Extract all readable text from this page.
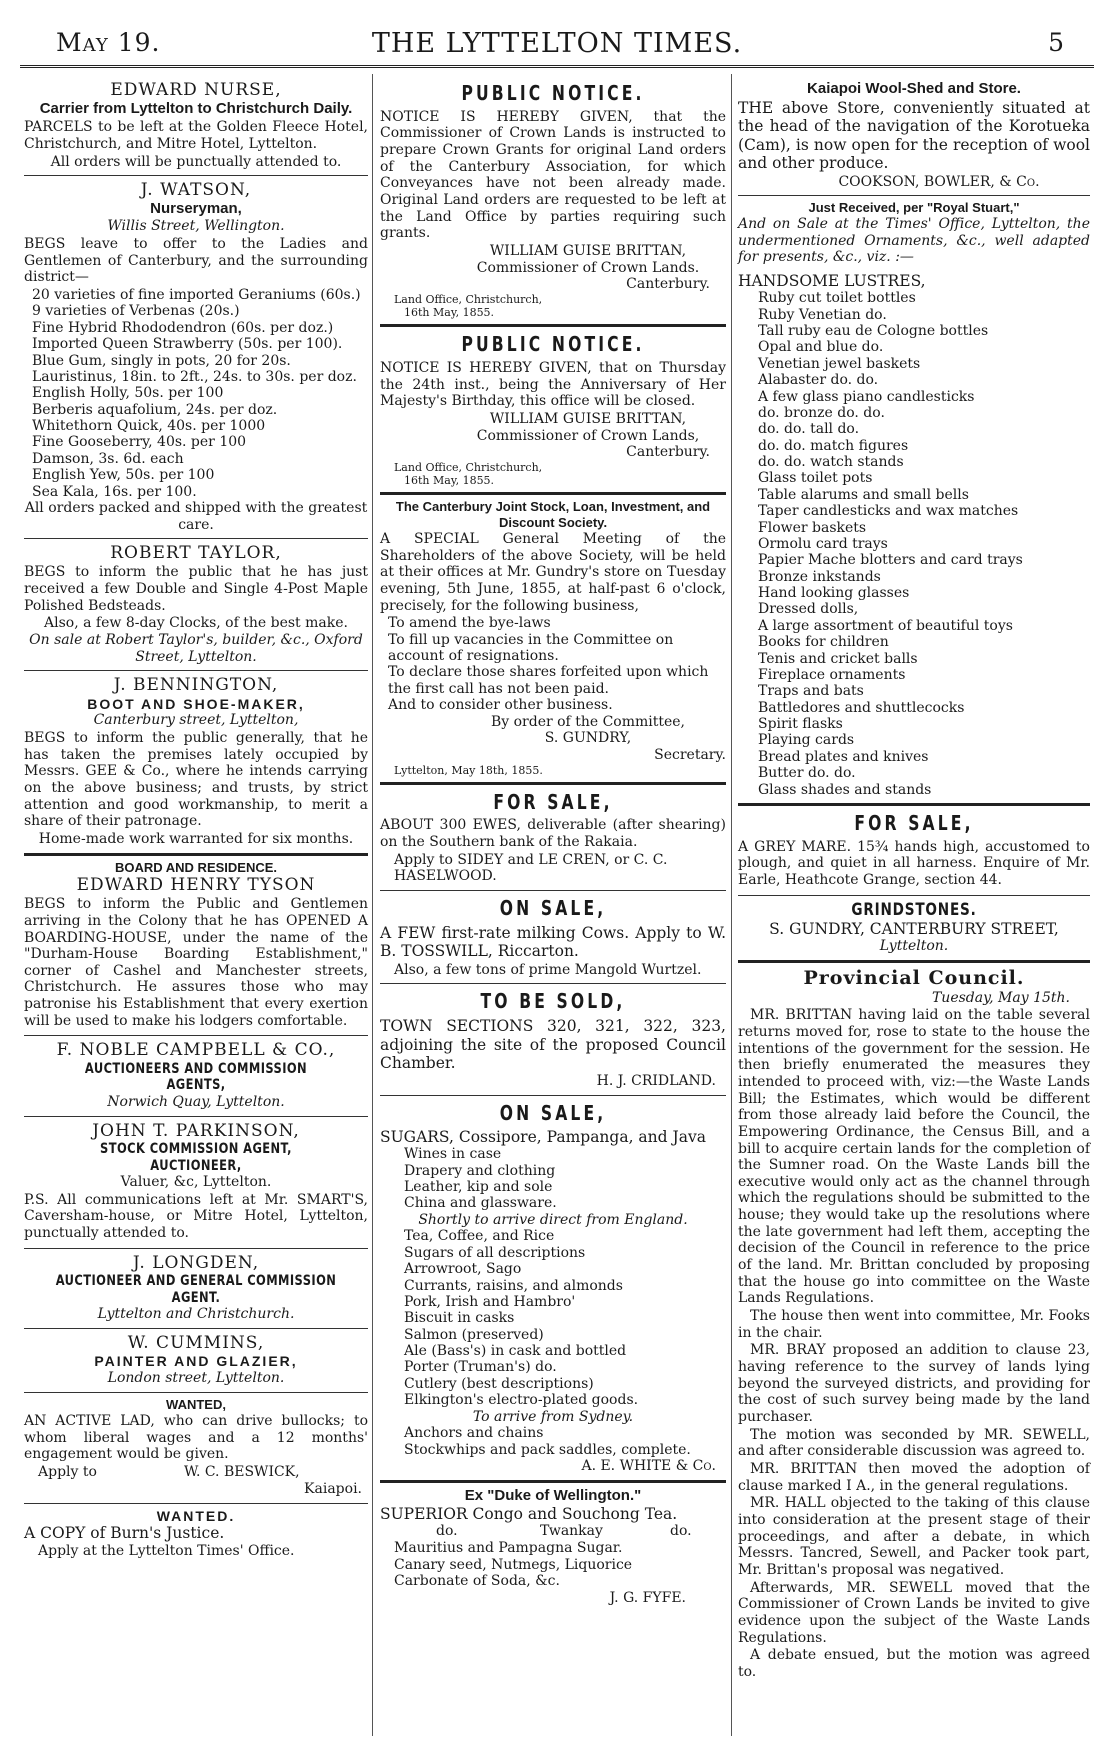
May 19.	THE LYTTELTON TIMES.	5
EDWARD NURSE,
Carrier from Lyttelton to Christchurch Daily.

PARCELS to be left at the Golden Fleece Hotel, Christchurch, and Mitre Hotel, Lyttelton.

All orders will be punctually attended to.
J. WATSON,
Nurseryman,
Willis Street, Wellington.

BEGS leave to offer to the Ladies and Gentlemen of Canterbury, and the surrounding district—

20 varieties of fine imported Geraniums (60s.)
9 varieties of Verbenas (20s.)
Fine Hybrid Rhododendron (60s. per doz.)
Imported Queen Strawberry (50s. per 100).
Blue Gum, singly in pots, 20 for 20s.
Lauristinus, 18in. to 2ft., 24s. to 30s. per doz.
English Holly, 50s. per 100
Berberis aquafolium, 24s. per doz.
Whitethorn Quick, 40s. per 1000
Fine Gooseberry, 40s. per 100
Damson, 3s. 6d. each
English Yew, 50s. per 100
Sea Kala, 16s. per 100.
All orders packed and shipped with the greatest care.
ROBERT TAYLOR,

BEGS to inform the public that he has just received a few Double and Single 4-Post Maple Polished Bedsteads.

Also, a few 8-day Clocks, of the best make.
On sale at Robert Taylor's, builder, &c., Oxford Street, Lyttelton.
J. BENNINGTON,
BOOT AND SHOE-MAKER,
Canterbury street, Lyttelton,

BEGS to inform the public generally, that he has taken the premises lately occupied by Messrs. GEE & Co., where he intends carrying on the above business; and trusts, by strict attention and good workmanship, to merit a share of their patronage.

Home-made work warranted for six months.
BOARD AND RESIDENCE.
EDWARD HENRY TYSON

BEGS to inform the Public and Gentlemen arriving in the Colony that he has OPENED A BOARDING-HOUSE, under the name of the "Durham-House Boarding Establishment," corner of Cashel and Manchester streets, Christchurch. He assures those who may patronise his Establishment that every exertion will be used to make his lodgers comfortable.

F. NOBLE CAMPBELL & CO.,
AUCTIONEERS AND COMMISSION AGENTS,
Norwich Quay, Lyttelton.
JOHN T. PARKINSON,
STOCK COMMISSION AGENT, AUCTIONEER,
Valuer, &c, Lyttelton.

P.S. All communications left at Mr. SMART'S, Caversham-house, or Mitre Hotel, Lyttelton, punctually attended to.

J. LONGDEN,
AUCTIONEER AND GENERAL COMMISSION AGENT.
Lyttelton and Christchurch.
W. CUMMINS,
PAINTER AND GLAZIER,
London street, Lyttelton.
WANTED,

AN ACTIVE LAD, who can drive bullocks; to whom liberal wages and a 12 months' engagement would be given.

Apply to	W. C. BESWICK,
Kaiapoi.
WANTED.
A COPY of Burn's Justice.
Apply at the Lyttelton Times' Office.
PUBLIC NOTICE.

NOTICE IS HEREBY GIVEN, that the Commissioner of Crown Lands is instructed to prepare Crown Grants for original Land orders of the Canterbury Association, for which Conveyances have not been already made. Original Land orders are requested to be left at the Land Office by parties requiring such grants.

WILLIAM GUISE BRITTAN,
Commissioner of Crown Lands.
Canterbury.
Land Office, Christchurch,
16th May, 1855.
PUBLIC NOTICE.

NOTICE IS HEREBY GIVEN, that on Thursday the 24th inst., being the Anniversary of Her Majesty's Birthday, this office will be closed.

WILLIAM GUISE BRITTAN,
Commissioner of Crown Lands,
Canterbury.
Land Office, Christchurch,
16th May, 1855.
The Canterbury Joint Stock, Loan, Investment, and Discount Society.

A SPECIAL General Meeting of the Shareholders of the above Society, will be held at their offices at Mr. Gundry's store on Tuesday evening, 5th June, 1855, at half-past 6 o'clock, precisely, for the following business,

To amend the bye-laws
To fill up vacancies in the Committee on account of resignations.
To declare those shares forfeited upon which the first call has not been paid.
And to consider other business.
By order of the Committee,
S. GUNDRY,
Secretary.
Lyttelton, May 18th, 1855.
FOR SALE,

ABOUT 300 EWES, deliverable (after shearing) on the Southern bank of the Rakaia.

Apply to SIDEY and LE CREN, or C. C. HASELWOOD.
ON SALE,

A FEW first-rate milking Cows. Apply to W. B. TOSSWILL, Riccarton.

Also, a few tons of prime Mangold Wurtzel.
TO BE SOLD,

TOWN SECTIONS 320, 321, 322, 323, adjoining the site of the proposed Council Chamber.

H. J. CRIDLAND.
ON SALE,
SUGARS, Cossipore, Pampanga, and Java
Wines in case
Drapery and clothing
Leather, kip and sole
China and glassware.
Shortly to arrive direct from England.
Tea, Coffee, and Rice
Sugars of all descriptions
Arrowroot, Sago
Currants, raisins, and almonds
Pork, Irish and Hambro'
Biscuit in casks
Salmon (preserved)
Ale (Bass's) in cask and bottled
Porter (Truman's) do.
Cutlery (best descriptions)
Elkington's electro-plated goods.
To arrive from Sydney.
Anchors and chains
Stockwhips and pack saddles, complete.
A. E. WHITE & Co.
Ex "Duke of Wellington."
SUPERIOR Congo and Souchong Tea.
do.	Twankay	do.
Mauritius and Pampagna Sugar.
Canary seed, Nutmegs, Liquorice
Carbonate of Soda, &c.
J. G. FYFE.
Kaiapoi Wool-Shed and Store.

THE above Store, conveniently situated at the head of the navigation of the Korotueka (Cam), is now open for the reception of wool and other produce.

COOKSON, BOWLER, & Co.
Just Received, per "Royal Stuart,"
And on Sale at the Times' Office, Lyttelton, the undermentioned Ornaments, &c., well adapted for presents, &c., viz. :—
HANDSOME LUSTRES,
Ruby cut toilet bottles
Ruby Venetian do.
Tall ruby eau de Cologne bottles
Opal and blue do.
Venetian jewel baskets
Alabaster do. do.
A few glass piano candlesticks
do. bronze do. do.
do. do. tall do.
do. do. match figures
do. do. watch stands
Glass toilet pots
Table alarums and small bells
Taper candlesticks and wax matches
Flower baskets
Ormolu card trays
Papier Mache blotters and card trays
Bronze inkstands
Hand looking glasses
Dressed dolls,
A large assortment of beautiful toys
Books for children
Tenis and cricket balls
Fireplace ornaments
Traps and bats
Battledores and shuttlecocks
Spirit flasks
Playing cards
Bread plates and knives
Butter do. do.
Glass shades and stands
FOR SALE,

A GREY MARE. 15¾ hands high, accustomed to plough, and quiet in all harness. Enquire of Mr. Earle, Heathcote Grange, section 44.

GRINDSTONES.
S. GUNDRY, CANTERBURY STREET,
Lyttelton.
Provincial Council.
Tuesday, May 15th.

MR. BRITTAN having laid on the table several returns moved for, rose to state to the house the intentions of the government for the session. He then briefly enumerated the measures they intended to proceed with, viz:—the Waste Lands Bill; the Estimates, which would be different from those already laid before the Council, the Empowering Ordinance, the Census Bill, and a bill to acquire certain lands for the completion of the Sumner road. On the Waste Lands bill the executive would only act as the channel through which the regulations should be submitted to the house; they would take up the resolutions where the late government had left them, accepting the decision of the Council in reference to the price of the land. Mr. Brittan concluded by proposing that the house go into committee on the Waste Lands Regulations.

The house then went into committee, Mr. Fooks in the chair.

MR. BRAY proposed an addition to clause 23, having reference to the survey of lands lying beyond the surveyed districts, and providing for the cost of such survey being made by the land purchaser.

The motion was seconded by MR. SEWELL, and after considerable discussion was agreed to.

MR. BRITTAN then moved the adoption of clause marked I A., in the general regulations.

MR. HALL objected to the taking of this clause into consideration at the present stage of their proceedings, and after a debate, in which Messrs. Tancred, Sewell, and Packer took part, Mr. Brittan's proposal was negatived.

Afterwards, MR. SEWELL moved that the Commissioner of Crown Lands be invited to give evidence upon the subject of the Waste Lands Regulations.

A debate ensued, but the motion was agreed to.
